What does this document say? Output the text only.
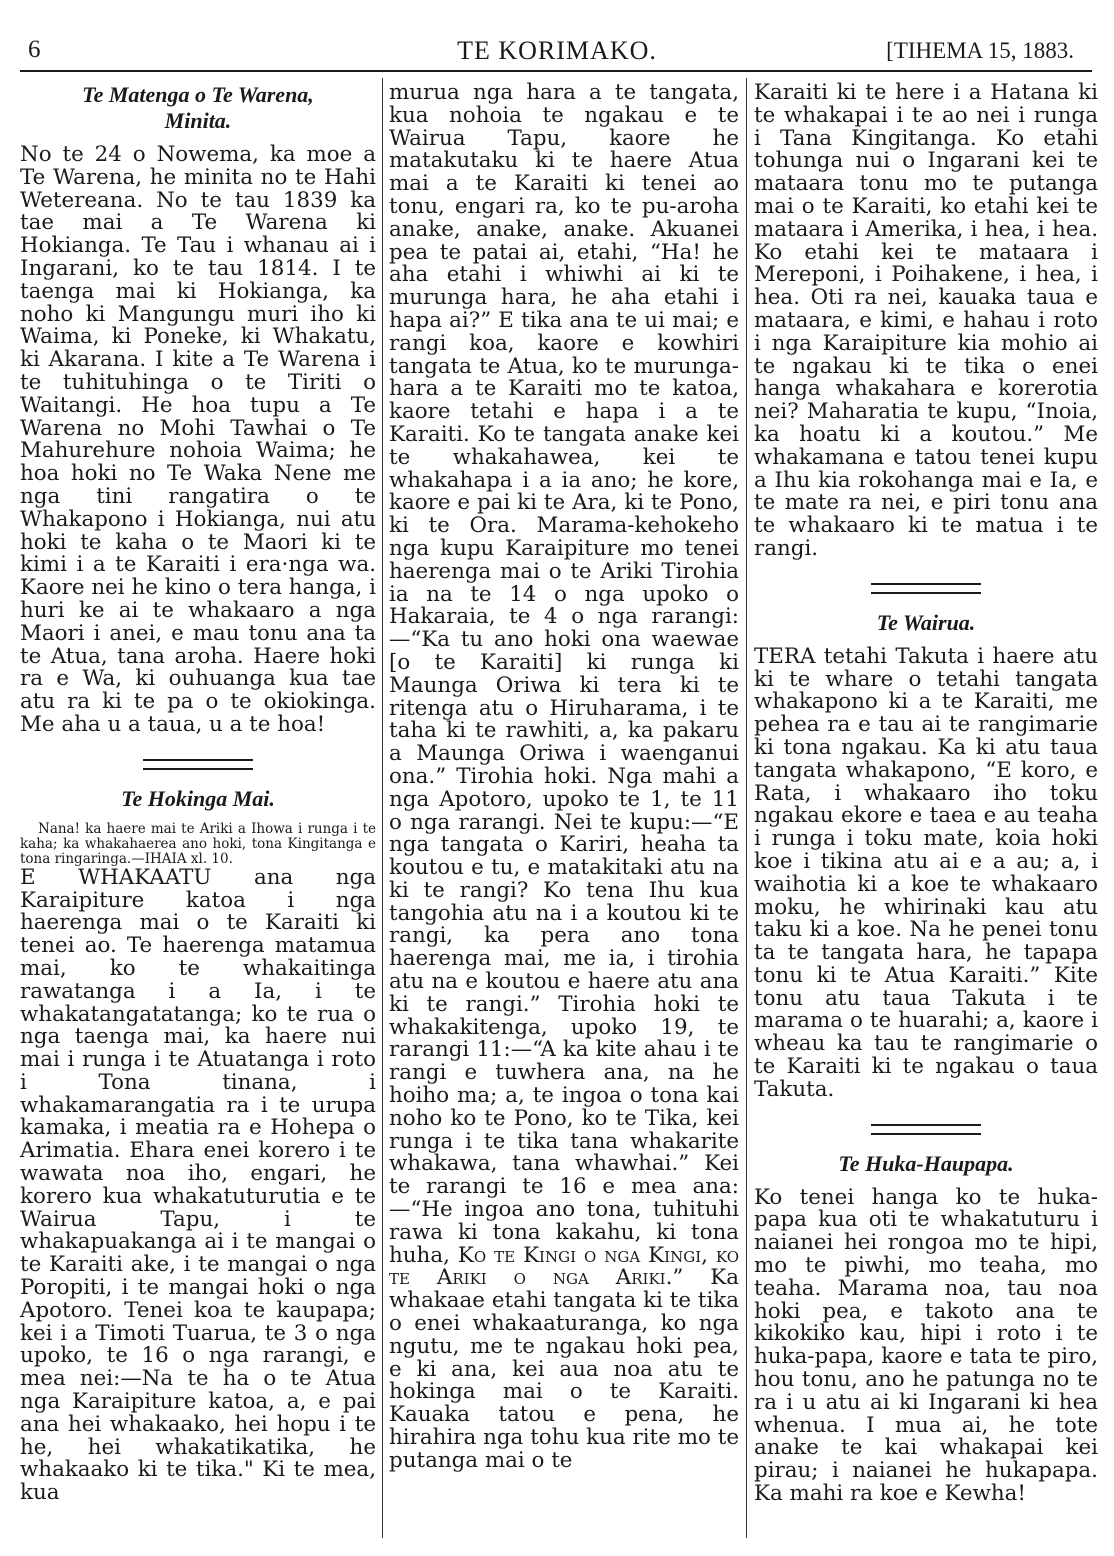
6	TE KORIMAKO.	[TIHEMA 15, 1883.
Te Matenga o Te Warena, Minita.

No te 24 o Nowema, ka moe a Te Warena, he minita no te Hahi Wetereana. No te tau 1839 ka tae mai a Te Warena ki Hokianga. Te Tau i whanau ai i Ingarani, ko te tau 1814. I te taenga mai ki Hokianga, ka noho ki Mangungu muri iho ki Waima, ki Poneke, ki Whakatu, ki Akarana. I kite a Te Warena i te tuhituhinga o te Tiriti o Waitangi. He hoa tupu a Te Warena no Mohi Tawhai o Te Mahurehure nohoia Waima; he hoa hoki no Te Waka Nene me nga tini rangatira o te Whakapono i Hokianga, nui atu hoki te kaha o te Maori ki te kimi i a te Karaiti i era·nga wa. Kaore nei he kino o tera hanga, i huri ke ai te whakaaro a nga Maori i anei, e mau tonu ana ta te Atua, tana aroha. Haere hoki ra e Wa, ki ouhuanga kua tae atu ra ki te pa o te okiokinga. Me aha u a taua, u a te hoa!

Te Hokinga Mai.

Nana! ka haere mai te Ariki a Ihowa i runga i te kaha; ka whakahaerea ano hoki, tona Kingitanga e tona ringaringa.—IHAIA xl. 10.

E WHAKAATU ana nga Karaipiture katoa i nga haerenga mai o te Karaiti ki tenei ao. Te haerenga matamua mai, ko te whakaitinga rawatanga i a Ia, i te whakatangatatanga; ko te rua o nga taenga mai, ka haere nui mai i runga i te Atuatanga i roto i Tona tinana, i whakamarangatia ra i te urupa kamaka, i meatia ra e Hohepa o Arimatia. Ehara enei korero i te wawata noa iho, engari, he korero kua whakatuturutia e te Wairua Tapu, i te whakapuakanga ai i te mangai o te Karaiti ake, i te mangai o nga Poropiti, i te mangai hoki o nga Apotoro. Tenei koa te kaupapa; kei i a Timoti Tuarua, te 3 o nga upoko, te 16 o nga rarangi, e mea nei:—Na te ha o te Atua nga Karaipiture katoa, a, e pai ana hei whakaako, hei hopu i te he, hei whakatikatika, he whakaako ki te tika." Ki te mea, kua

murua nga hara a te tangata, kua nohoia te ngakau e te Wairua Tapu, kaore he matakutaku ki te haere Atua mai a te Karaiti ki tenei ao tonu, engari ra, ko te pu-aroha anake, anake, anake. Akuanei pea te patai ai, etahi, “Ha! he aha etahi i whiwhi ai ki te murunga hara, he aha etahi i hapa ai?” E tika ana te ui mai; e rangi koa, kaore e kowhiri tangata te Atua, ko te murunga-hara a te Karaiti mo te katoa, kaore tetahi e hapa i a te Karaiti. Ko te tangata anake kei te whakahawea, kei te whakahapa i a ia ano; he kore, kaore e pai ki te Ara, ki te Pono, ki te Ora. Marama-kehokeho nga kupu Karaipiture mo tenei haerenga mai o te Ariki Tirohia ia na te 14 o nga upoko o Hakaraia, te 4 o nga rarangi:—“Ka tu ano hoki ona waewae [o te Karaiti] ki runga ki Maunga Oriwa ki tera ki te ritenga atu o Hiruharama, i te taha ki te rawhiti, a, ka pakaru a Maunga Oriwa i waenganui ona.” Tirohia hoki. Nga mahi a nga Apotoro, upoko te 1, te 11 o nga rarangi. Nei te kupu:—“E nga tangata o Kariri, heaha ta koutou e tu, e matakitaki atu na ki te rangi? Ko tena Ihu kua tangohia atu na i a koutou ki te rangi, ka pera ano tona haerenga mai, me ia, i tirohia atu na e koutou e haere atu ana ki te rangi.” Tirohia hoki te whakakitenga, upoko 19, te rarangi 11:—“A ka kite ahau i te rangi e tuwhera ana, na he hoiho ma; a, te ingoa o tona kai noho ko te Pono, ko te Tika, kei runga i te tika tana whakarite whakawa, tana whawhai.” Kei te rarangi te 16 e mea ana:—“He ingoa ano tona, tuhituhi rawa ki tona kakahu, ki tona huha, Ko te Kingi o nga Kingi, ko te Ariki o nga Ariki.” Ka whakaae etahi tangata ki te tika o enei whakaaturanga, ko nga ngutu, me te ngakau hoki pea, e ki ana, kei aua noa atu te hokinga mai o te Karaiti. Kauaka tatou e pena, he hirahira nga tohu kua rite mo te putanga mai o te

Karaiti ki te here i a Hatana ki te whakapai i te ao nei i runga i Tana Kingitanga. Ko etahi tohunga nui o Ingarani kei te mataara tonu mo te putanga mai o te Karaiti, ko etahi kei te mataara i Amerika, i hea, i hea. Ko etahi kei te mataara i Mereponi, i Poihakene, i hea, i hea. Oti ra nei, kauaka taua e mataara, e kimi, e hahau i roto i nga Karaipiture kia mohio ai te ngakau ki te tika o enei hanga whakahara e korerotia nei? Maharatia te kupu, “Inoia, ka hoatu ki a koutou.” Me whakamana e tatou tenei kupu a Ihu kia rokohanga mai e Ia, e te mate ra nei, e piri tonu ana te whakaaro ki te matua i te rangi.

Te Wairua.

TERA tetahi Takuta i haere atu ki te whare o tetahi tangata whakapono ki a te Karaiti, me pehea ra e tau ai te rangimarie ki tona ngakau. Ka ki atu taua tangata whakapono, “E koro, e Rata, i whakaaro iho toku ngakau ekore e taea e au teaha i runga i toku mate, koia hoki koe i tikina atu ai e a au; a, i waihotia ki a koe te whakaaro moku, he whirinaki kau atu taku ki a koe. Na he penei tonu ta te tangata hara, he tapapa tonu ki te Atua Karaiti.” Kite tonu atu taua Takuta i te marama o te huarahi; a, kaore i wheau ka tau te rangimarie o te Karaiti ki te ngakau o taua Takuta.

Te Huka-Haupapa.

Ko tenei hanga ko te huka-papa kua oti te whakatuturu i naianei hei rongoa mo te hipi, mo te piwhi, mo teaha, mo teaha. Marama noa, tau noa hoki pea, e takoto ana te kikokiko kau, hipi i roto i te huka-papa, kaore e tata te piro, hou tonu, ano he patunga no te ra i u atu ai ki Ingarani ki hea whenua. I mua ai, he tote anake te kai whakapai kei pirau; i naianei he hukapapa. Ka mahi ra koe e Kewha!
